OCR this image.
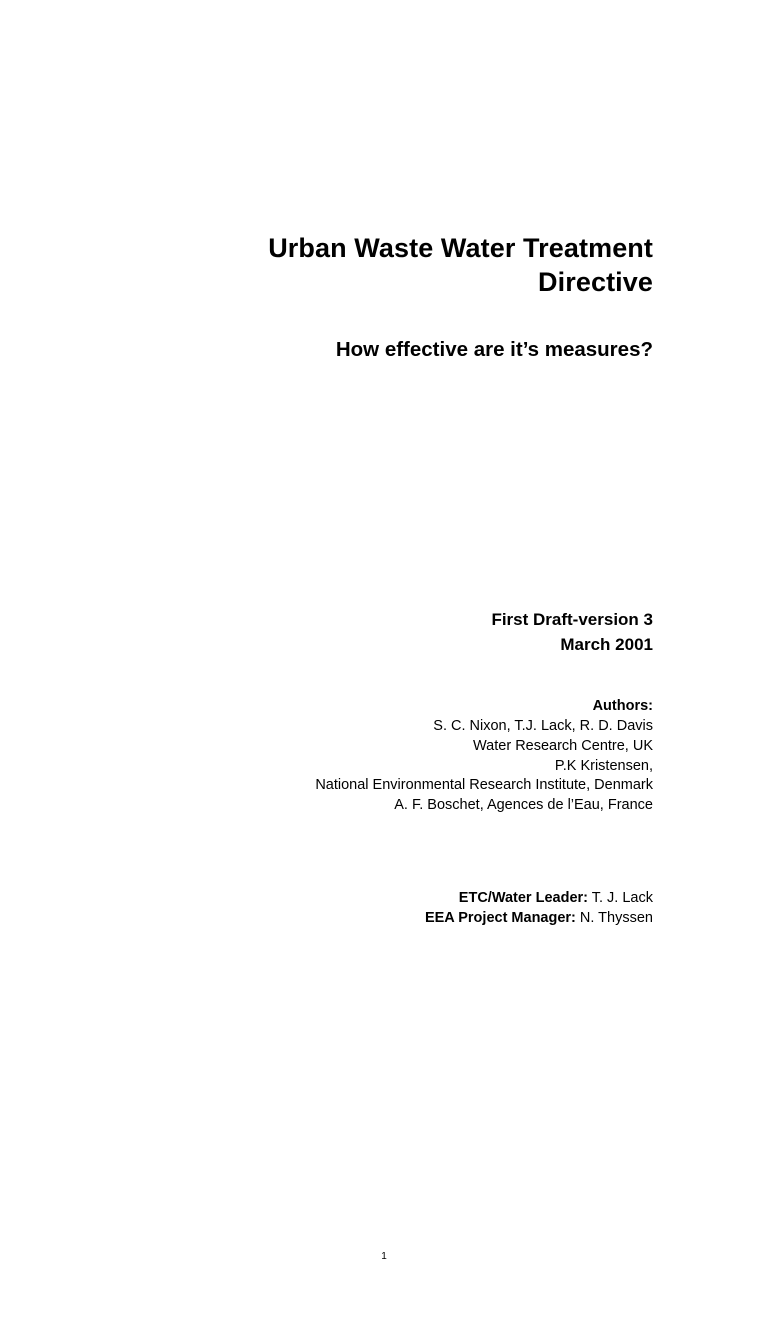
Urban Waste Water Treatment
Directive
How effective are it’s measures?
First Draft-version 3
March 2001
Authors:
S. C. Nixon, T.J. Lack, R. D. Davis
Water Research Centre, UK
P.K Kristensen,
National Environmental Research Institute, Denmark
A. F. Boschet, Agences de l’Eau, France
ETC/Water Leader: T. J. Lack
EEA Project Manager: N. Thyssen
1
